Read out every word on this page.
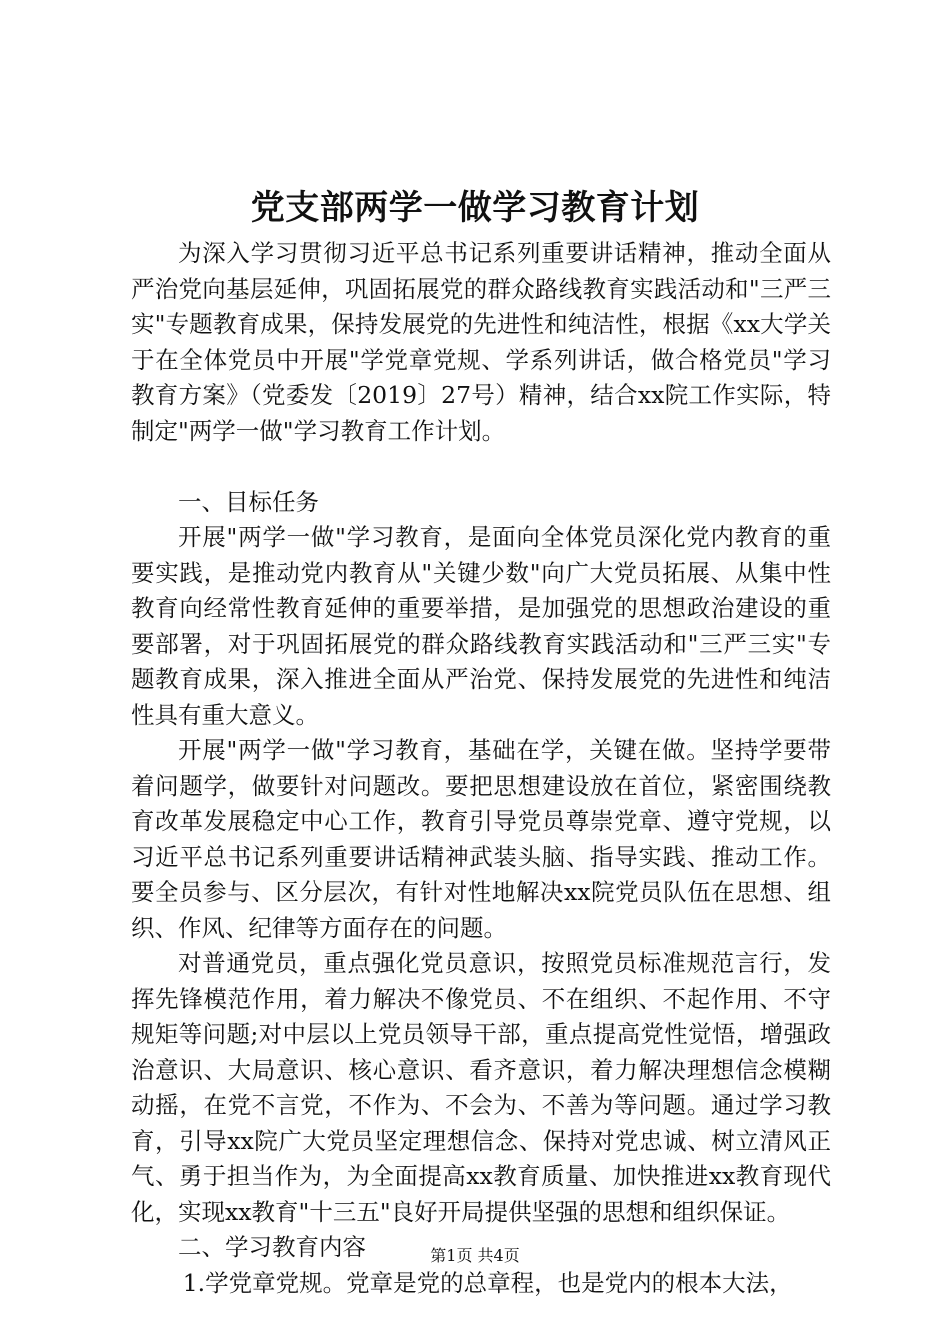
党支部两学一做学习教育计划

为深入学习贯彻习近平总书记系列重要讲话精神，推动全面从严治党向基层延伸，巩固拓展党的群众路线教育实践活动和"三严三实"专题教育成果，保持发展党的先进性和纯洁性，根据《xx大学关于在全体党员中开展"学党章党规、学系列讲话，做合格党员"学习教育方案》（党委发〔2019〕27号）精神，结合xx院工作实际，特制定"两学一做"学习教育工作计划。

一、目标任务

开展"两学一做"学习教育，是面向全体党员深化党内教育的重要实践，是推动党内教育从"关键少数"向广大党员拓展、从集中性教育向经常性教育延伸的重要举措，是加强党的思想政治建设的重要部署，对于巩固拓展党的群众路线教育实践活动和"三严三实"专题教育成果，深入推进全面从严治党、保持发展党的先进性和纯洁性具有重大意义。

开展"两学一做"学习教育，基础在学，关键在做。坚持学要带着问题学，做要针对问题改。要把思想建设放在首位，紧密围绕教育改革发展稳定中心工作，教育引导党员尊崇党章、遵守党规，以习近平总书记系列重要讲话精神武装头脑、指导实践、推动工作。要全员参与、区分层次，有针对性地解决xx院党员队伍在思想、组织、作风、纪律等方面存在的问题。

对普通党员，重点强化党员意识，按照党员标准规范言行，发挥先锋模范作用，着力解决不像党员、不在组织、不起作用、不守规矩等问题;对中层以上党员领导干部，重点提高党性觉悟，增强政治意识、大局意识、核心意识、看齐意识，着力解决理想信念模糊动摇，在党不言党，不作为、不会为、不善为等问题。通过学习教育，引导xx院广大党员坚定理想信念、保持对党忠诚、树立清风正气、勇于担当作为，为全面提高xx教育质量、加快推进xx教育现代化，实现xx教育"十三五"良好开局提供坚强的思想和组织保证。

二、学习教育内容

1.学党章党规。党章是党的总章程，也是党内的根本大法，

第1页 共4页
